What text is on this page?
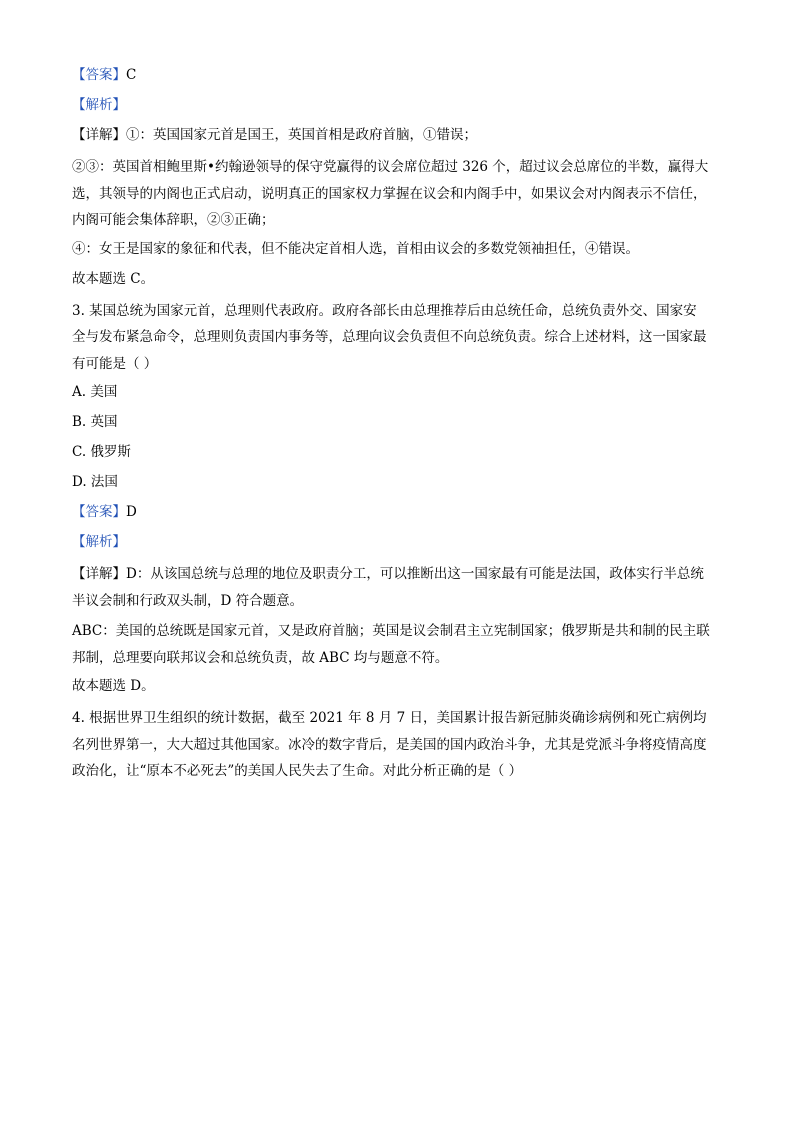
【答案】C

【解析】

【详解】①：英国国家元首是国王，英国首相是政府首脑，①错误；

②③：英国首相鲍里斯•约翰逊领导的保守党赢得的议会席位超过 326 个，超过议会总席位的半数，赢得大选，其领导的内阁也正式启动，说明真正的国家权力掌握在议会和内阁手中，如果议会对内阁表示不信任，内阁可能会集体辞职，②③正确；

④：女王是国家的象征和代表，但不能决定首相人选，首相由议会的多数党领袖担任，④错误。

故本题选 C。

3. 某国总统为国家元首，总理则代表政府。政府各部长由总理推荐后由总统任命，总统负责外交、国家安全与发布紧急命令，总理则负责国内事务等，总理向议会负责但不向总统负责。综合上述材料，这一国家最有可能是（ ）

A. 美国

B. 英国

C. 俄罗斯

D. 法国

【答案】D

【解析】

【详解】D：从该国总统与总理的地位及职责分工，可以推断出这一国家最有可能是法国，政体实行半总统半议会制和行政双头制，D 符合题意。

ABC：美国的总统既是国家元首，又是政府首脑；英国是议会制君主立宪制国家；俄罗斯是共和制的民主联邦制，总理要向联邦议会和总统负责，故 ABC 均与题意不符。

故本题选 D。

4. 根据世界卫生组织的统计数据，截至 2021 年 8 月 7 日，美国累计报告新冠肺炎确诊病例和死亡病例均名列世界第一，大大超过其他国家。冰冷的数字背后，是美国的国内政治斗争，尤其是党派斗争将疫情高度政治化，让“原本不必死去”的美国人民失去了生命。对此分析正确的是（ ）
